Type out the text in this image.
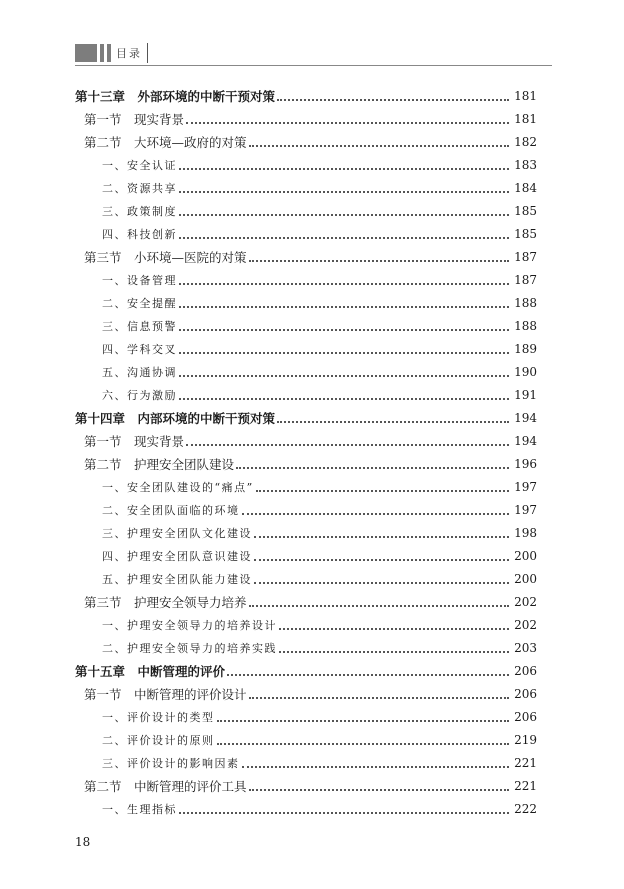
目录
第十三章　外部环境的中断干预对策	181
第一节　现实背景	181
第二节　大环境—政府的对策	182
一、安全认证	183
二、资源共享	184
三、政策制度	185
四、科技创新	185
第三节　小环境—医院的对策	187
一、设备管理	187
二、安全提醒	188
三、信息预警	188
四、学科交叉	189
五、沟通协调	190
六、行为激励	191
第十四章　内部环境的中断干预对策	194
第一节　现实背景	194
第二节　护理安全团队建设	196
一、安全团队建设的“痛点”	197
二、安全团队面临的环境	197
三、护理安全团队文化建设	198
四、护理安全团队意识建设	200
五、护理安全团队能力建设	200
第三节　护理安全领导力培养	202
一、护理安全领导力的培养设计	202
二、护理安全领导力的培养实践	203
第十五章　中断管理的评价	206
第一节　中断管理的评价设计	206
一、评价设计的类型	206
二、评价设计的原则	219
三、评价设计的影响因素	221
第二节　中断管理的评价工具	221
一、生理指标	222
18
